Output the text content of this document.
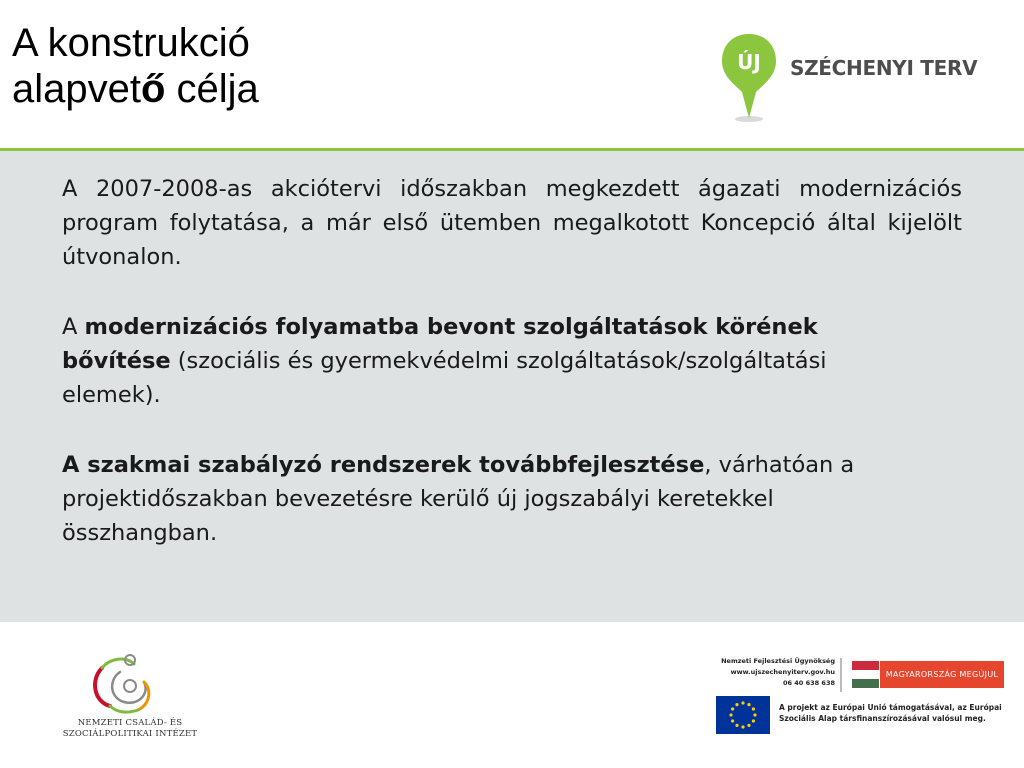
A konstrukció
alapvető célja
ÚJ SZÉCHENYI TERV

A 2007-2008-as akciótervi időszakban megkezdett ágazati modernizációs program folytatása, a már első ütemben megalkotott Koncepció által kijelölt útvonalon.

A modernizációs folyamatba bevont szolgáltatások körének bővítése (szociális és gyermekvédelmi szolgáltatások/szolgáltatási elemek).

A szakmai szabályzó rendszerek továbbfejlesztése, várhatóan a projektidőszakban bevezetésre kerülő új jogszabályi keretekkel összhangban.

NEMZETI CSALÁD- ÉS
SZOCIÁLPOLITIKAI INTÉZET

Nemzeti Fejlesztési Ügynökség
www.ujszechenyiterv.gov.hu
06 40 638 638
MAGYARORSZÁG MEGÚJUL

A projekt az Európai Unió támogatásával, az Európai
Szociális Alap társfinanszírozásával valósul meg.
